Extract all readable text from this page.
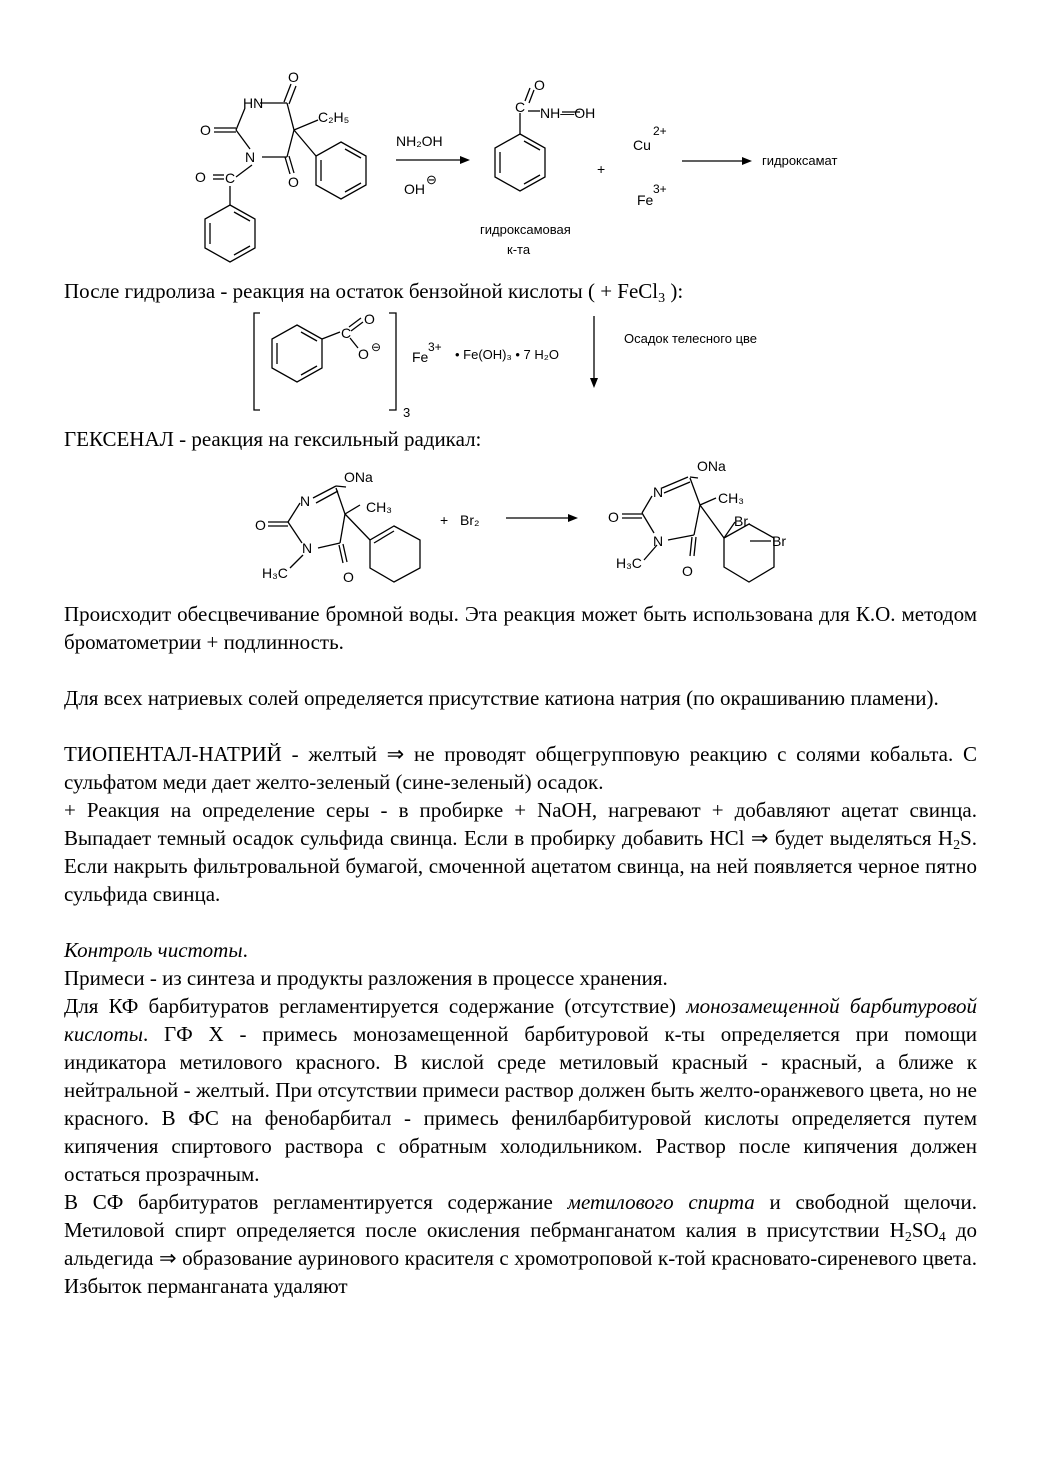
O
HN
C₂H₅
O
N
O
O C
NH₂OH
OH
⊖
O
C NH—OH
гидроксамовая
к-та
+
Cu
2+
Fe
3+
гидроксамат
После гидролиза - реакция на остаток бензойной кислоты ( + FeCl$_3$ ):
C
O
O ⊖
Fe
3+ • Fe(OH)₃ • 7 H₂O
3
Осадок телесного цве
ГЕКСЕНАЛ - реакция на гексильный радикал:
ONa
N	CH₃
O
N
O
H₃C
+ Br₂
ONa
N	CH₃
O
N
O
H₃C
Br
Br

Происходит обесцвечивание бромной воды. Эта реакция может быть использована для К.О. методом броматометрии + подлинность.

Для всех натриевых солей определяется присутствие катиона натрия (по окрашиванию пламени).

ТИОПЕНТАЛ-НАТРИЙ - желтый ⇒ не проводят общегрупповую реакцию с солями кобальта. С сульфатом меди дает желто-зеленый (сине-зеленый) осадок.

+ Реакция на определение серы - в пробирке + NaOH, нагревают + добавляют ацетат свинца. Выпадает темный осадок сульфида свинца. Если в пробирку добавить HCl ⇒ будет выделяться $H_2S$. Если накрыть фильтровальной бумагой, смоченной ацетатом свинца, на ней появляется черное пятно сульфида свинца.

Контроль чистоты.

Примеси - из синтеза и продукты разложения в процессе хранения.

Для КФ барбитуратов регламентируется содержание (отсутствие) монозамещенной барбитуровой кислоты. ГФ Х - примесь монозамещенной барбитуровой к-ты определяется при помощи индикатора метилового красного. В кислой среде метиловый красный - красный, а ближе к нейтральной - желтый. При отсутствии примеси раствор должен быть желто-оранжевого цвета, но не красного. В ФС на фенобарбитал - примесь фенилбарбитуровой кислоты определяется путем кипячения спиртового раствора с обратным холодильником. Раствор после кипячения должен остаться прозрачным.

В СФ барбитуратов регламентируется содержание метилового спирта и свободной щелочи. Метиловой спирт определяется после окисления пебрманганатом калия в присутствии $H_2SO_4$ до альдегида ⇒ образование ауринового красителя с хромотроповой к-той красновато-сиреневого цвета. Избыток перманганата удаляют
